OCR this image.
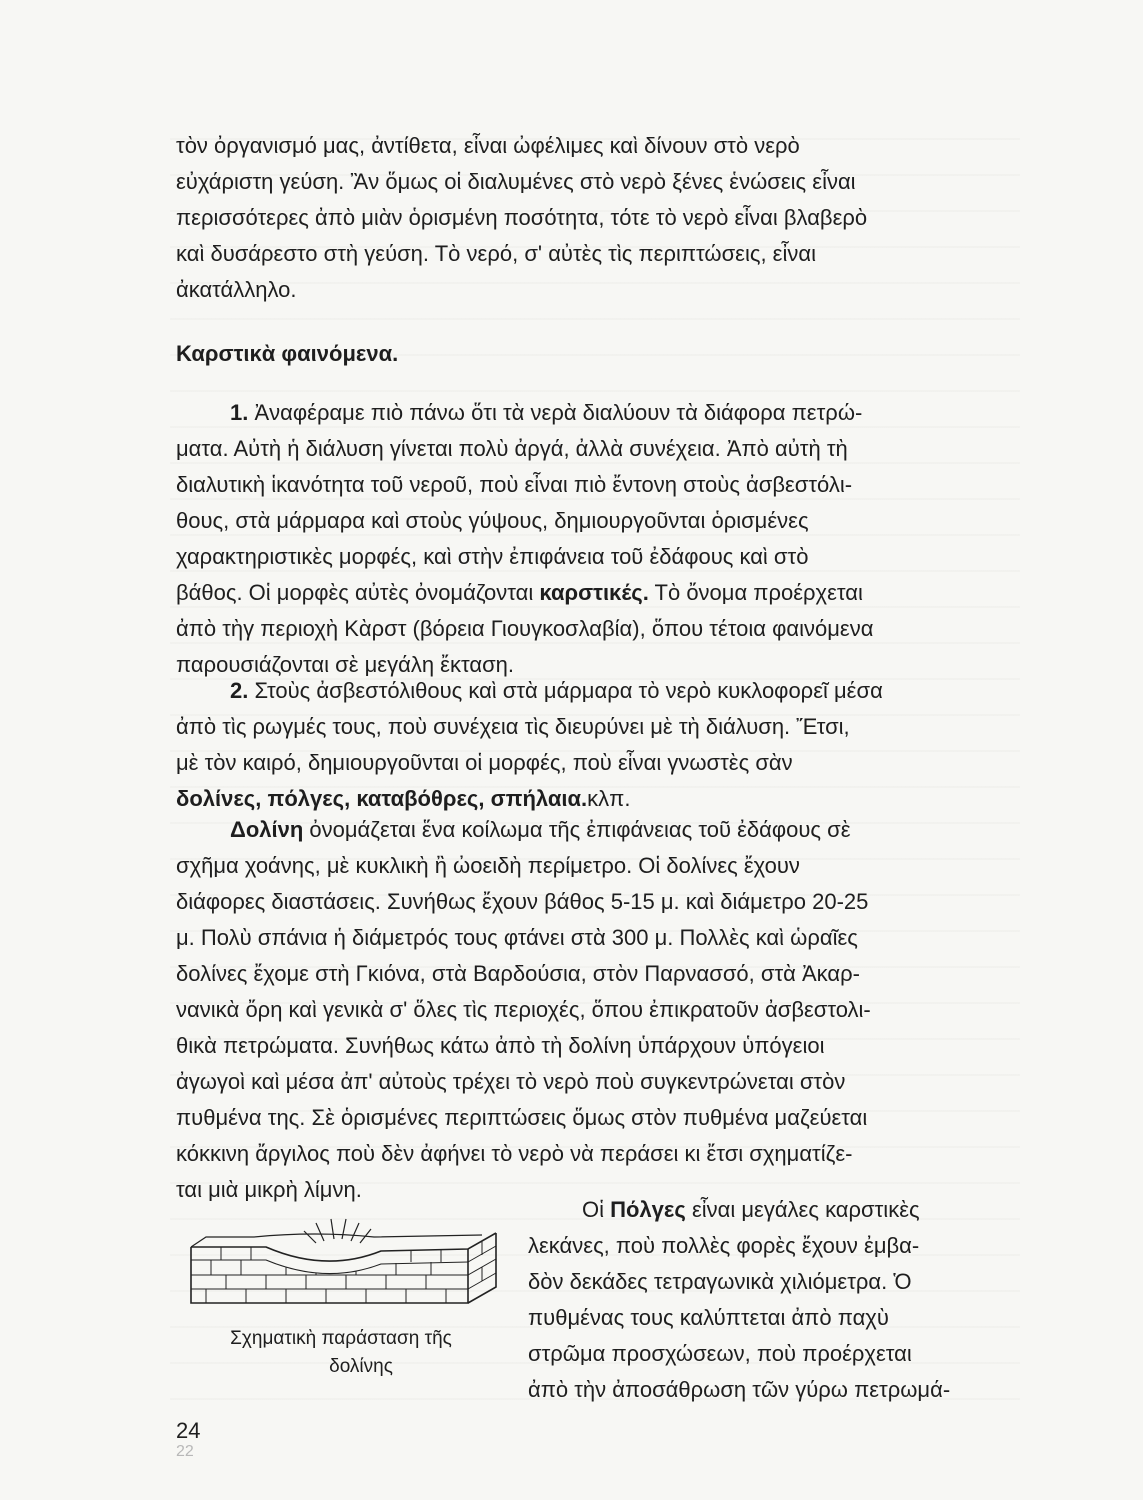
τὸν ὀργανισμό μας, ἀντίθετα, εἶναι ὠφέλιμες καὶ δίνουν στὸ νερὸ
εὐχάριστη γεύση. Ἂν ὅμως οἱ διαλυμένες στὸ νερὸ ξένες ἑνώσεις εἶναι
περισσότερες ἀπὸ μιὰν ὁρισμένη ποσότητα, τότε τὸ νερὸ εἶναι βλαβερὸ
καὶ δυσάρεστο στὴ γεύση. Τὸ νερό, σ' αὐτὲς τὶς περιπτώσεις, εἶναι
ἀκατάλληλο.
Καρστικὰ φαινόμενα.
1. Ἀναφέραμε πιὸ πάνω ὅτι τὰ νερὰ διαλύουν τὰ διάφορα πετρώ-
ματα. Αὐτὴ ἡ διάλυση γίνεται πολὺ ἀργά, ἀλλὰ συνέχεια. Ἀπὸ αὐτὴ τὴ
διαλυτικὴ ἱκανότητα τοῦ νεροῦ, ποὺ εἶναι πιὸ ἔντονη στοὺς ἀσβεστόλι-
θους, στὰ μάρμαρα καὶ στοὺς γύψους, δημιουργοῦνται ὁρισμένες
χαρακτηριστικὲς μορφές, καὶ στὴν ἐπιφάνεια τοῦ ἐδάφους καὶ στὸ
βάθος. Οἱ μορφὲς αὐτὲς ὀνομάζονται καρστικές. Τὸ ὄνομα προέρχεται
ἀπὸ τὴγ περιοχὴ Κὰρστ (βόρεια Γιουγκοσλαβία), ὅπου τέτοια φαινόμενα
παρουσιάζονται σὲ μεγάλη ἔκταση.
2. Στοὺς ἀσβεστόλιθους καὶ στὰ μάρμαρα τὸ νερὸ κυκλοφορεῖ μέσα
ἀπὸ τὶς ρωγμές τους, ποὺ συνέχεια τὶς διευρύνει μὲ τὴ διάλυση. Ἔτσι,
μὲ τὸν καιρό, δημιουργοῦνται οἱ μορφές, ποὺ εἶναι γνωστὲς σὰν
δολίνες, πόλγες, καταβόθρες, σπήλαια. κλπ.
Δολίνη ὀνομάζεται ἕνα κοίλωμα τῆς ἐπιφάνειας τοῦ ἐδάφους σὲ
σχῆμα χοάνης, μὲ κυκλικὴ ἢ ὠοειδὴ περίμετρο. Οἱ δολίνες ἔχουν
διάφορες διαστάσεις. Συνήθως ἔχουν βάθος 5-15 μ. καὶ διάμετρο 20-25
μ. Πολὺ σπάνια ἡ διάμετρός τους φτάνει στὰ 300 μ. Πολλὲς καὶ ὡραῖες
δολίνες ἔχομε στὴ Γκιόνα, στὰ Βαρδούσια, στὸν Παρνασσό, στὰ Ἀκαρ-
νανικὰ ὄρη καὶ γενικὰ σ' ὅλες τὶς περιοχές, ὅπου ἐπικρατοῦν ἀσβεστολι-
θικὰ πετρώματα. Συνήθως κάτω ἀπὸ τὴ δολίνη ὑπάρχουν ὑπόγειοι
ἀγωγοὶ καὶ μέσα ἀπ' αὐτοὺς τρέχει τὸ νερὸ ποὺ συγκεντρώνεται στὸν
πυθμένα της. Σὲ ὁρισμένες περιπτώσεις ὅμως στὸν πυθμένα μαζεύεται
κόκκινη ἄργιλος ποὺ δὲν ἀφήνει τὸ νερὸ νὰ περάσει κι ἔτσι σχηματίζε-
ται μιὰ μικρὴ λίμνη.
Σχηματικὴ παράσταση τῆς
δολίνης
Οἱ Πόλγες εἶναι μεγάλες καρστικὲς
λεκάνες, ποὺ πολλὲς φορὲς ἔχουν ἐμβα-
δὸν δεκάδες τετραγωνικὰ χιλιόμετρα. Ὁ
πυθμένας τους καλύπτεται ἀπὸ παχὺ
στρῶμα προσχώσεων, ποὺ προέρχεται
ἀπὸ τὴν ἀποσάθρωση τῶν γύρω πετρωμά-
24
22
